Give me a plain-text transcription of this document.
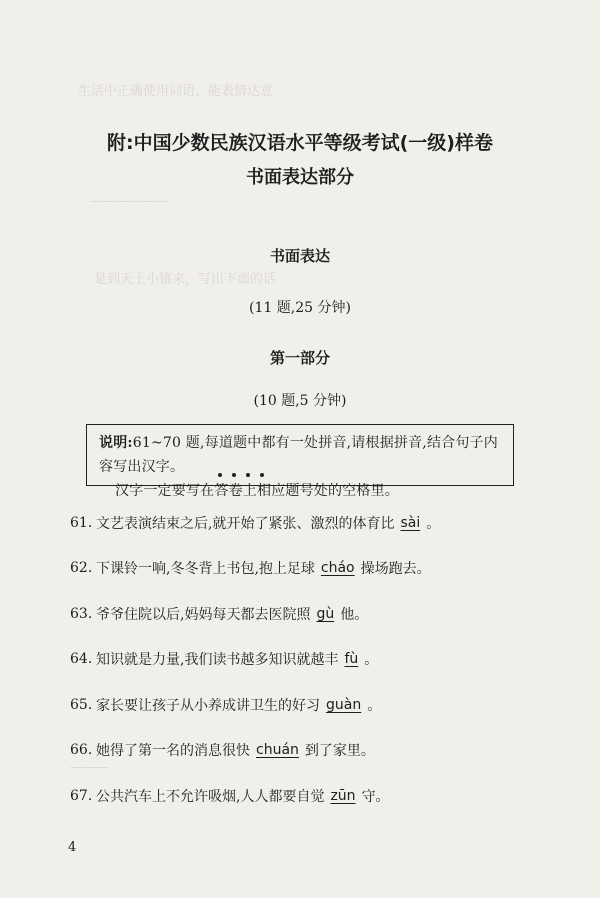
生活中正确使用词语，能表情达意
——————
是到天上小镇来，写出下面的话
———
附:中国少数民族汉语水平等级考试(一级)样卷
书面表达部分
书面表达
(11 题,25 分钟)
第一部分
(10 题,5 分钟)
说明:61~70 题,每道题中都有一处拼音,请根据拼音,结合句子内容写出汉字。
汉字一定要写在答卷上相应题号处的空格里。
61. 文艺表演结束之后,就开始了紧张、激烈的体育比 sài 。
62. 下课铃一响,冬冬背上书包,抱上足球 cháo 操场跑去。
63. 爷爷住院以后,妈妈每天都去医院照 gù 他。
64. 知识就是力量,我们读书越多知识就越丰 fù 。
65. 家长要让孩子从小养成讲卫生的好习 guàn 。
66. 她得了第一名的消息很快 chuán 到了家里。
67. 公共汽车上不允许吸烟,人人都要自觉 zūn 守。
4
